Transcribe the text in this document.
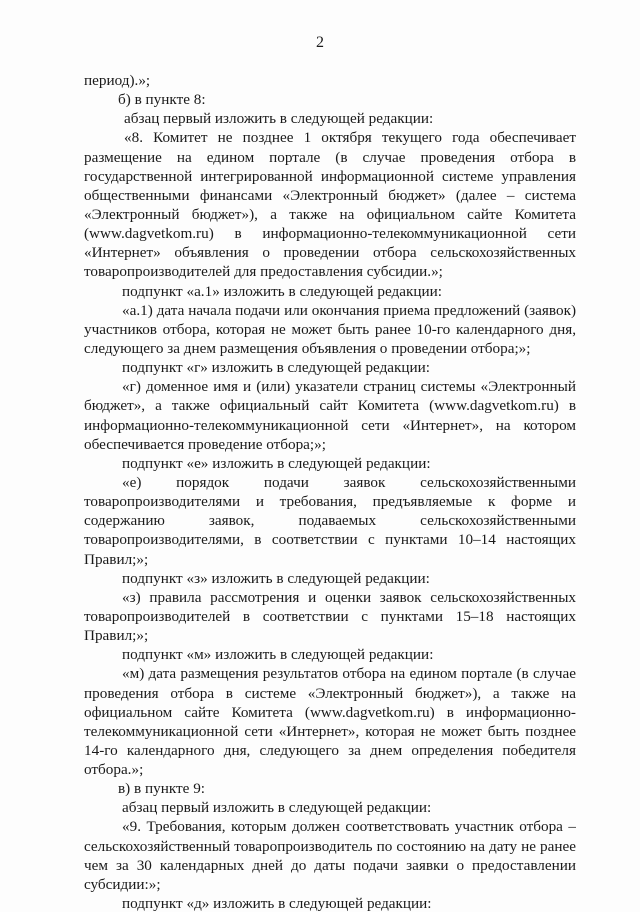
2
период).»;
б) в пункте 8:
абзац первый изложить в следующей редакции:
«8. Комитет не позднее 1 октября текущего года обеспечивает
размещение на едином портале (в случае проведения отбора в
государственной интегрированной информационной системе управления
общественными финансами «Электронный бюджет» (далее – система
«Электронный бюджет»), а также на официальном сайте Комитета
(www.dagvetkom.ru) в информационно-телекоммуникационной сети
«Интернет» объявления о проведении отбора сельскохозяйственных
товаропроизводителей для предоставления субсидии.»;
подпункт «а.1» изложить в следующей редакции:
«а.1) дата начала подачи или окончания приема предложений (заявок)
участников отбора, которая не может быть ранее 10-го календарного дня,
следующего за днем размещения объявления о проведении отбора;»;
подпункт «г» изложить в следующей редакции:
«г) доменное имя и (или) указатели страниц системы «Электронный
бюджет», а также официальный сайт Комитета (www.dagvetkom.ru) в
информационно-телекоммуникационной сети «Интернет», на котором
обеспечивается проведение отбора;»;
подпункт «е» изложить в следующей редакции:
«е) порядок подачи заявок сельскохозяйственными
товаропроизводителями и требования, предъявляемые к форме и
содержанию заявок, подаваемых сельскохозяйственными
товаропроизводителями, в соответствии с пунктами 10–14 настоящих
Правил;»;
подпункт «з» изложить в следующей редакции:
«з) правила рассмотрения и оценки заявок сельскохозяйственных
товаропроизводителей в соответствии с пунктами 15–18 настоящих
Правил;»;
подпункт «м» изложить в следующей редакции:
«м) дата размещения результатов отбора на едином портале (в случае
проведения отбора в системе «Электронный бюджет»), а также на
официальном сайте Комитета (www.dagvetkom.ru) в информационно-
телекоммуникационной сети «Интернет», которая не может быть позднее
14-го календарного дня, следующего за днем определения победителя
отбора.»;
в) в пункте 9:
абзац первый изложить в следующей редакции:
«9. Требования, которым должен соответствовать участник отбора –
сельскохозяйственный товаропроизводитель по состоянию на дату не ранее
чем за 30 календарных дней до даты подачи заявки о предоставлении
субсидии:»;
подпункт «д» изложить в следующей редакции:
